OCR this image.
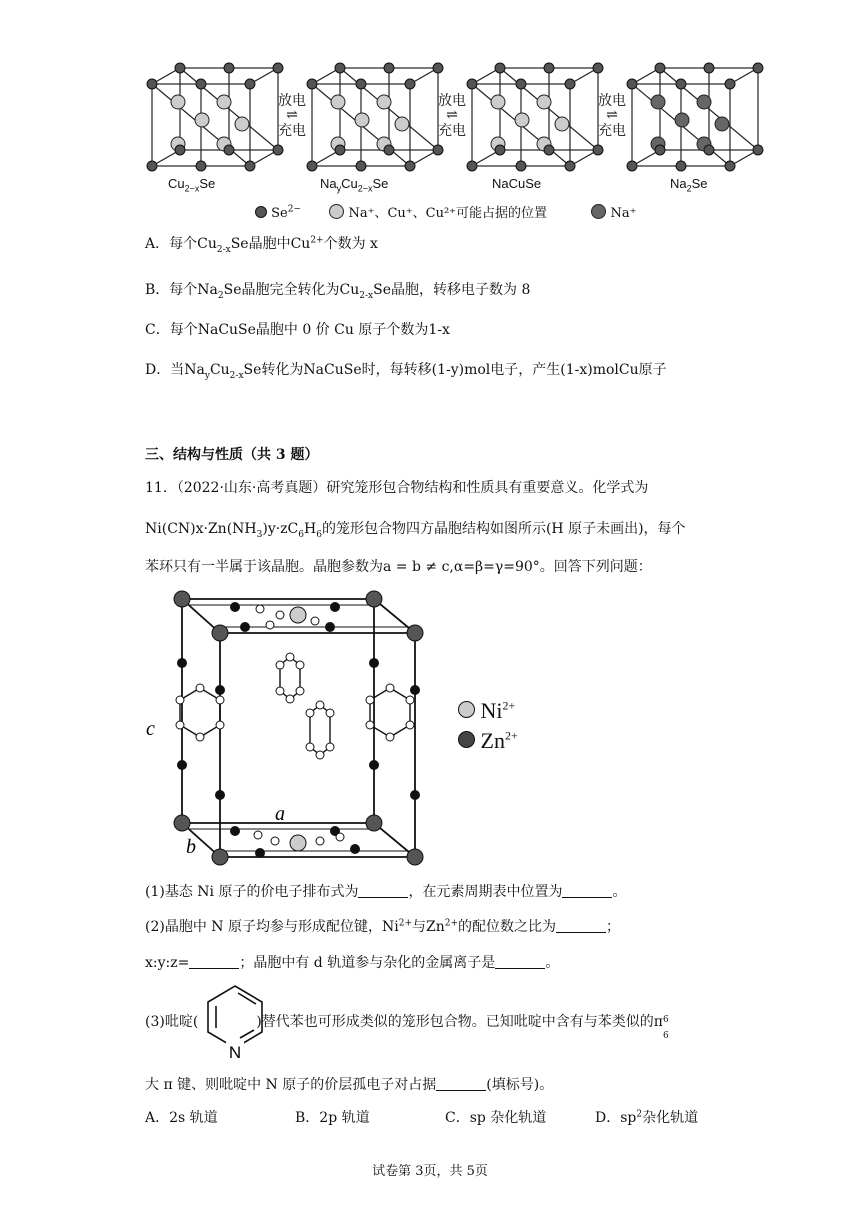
放电
⇌
充电
放电
⇌
充电
放电
⇌
充电
$Cu_{2-x}Se$	$Na_yCu_{2-x}Se$	NaCuSe	$Na_2Se$
$Se^{2-}$	Na⁺、Cu⁺、Cu²⁺可能占据的位置	Na⁺
A．每个$Cu_{2-x}Se$晶胞中$Cu^{2+}$个数为 x
B．每个$Na_2Se$晶胞完全转化为$Cu_{2-x}Se$晶胞，转移电子数为 8
C．每个NaCuSe晶胞中 0 价 Cu 原子个数为1-x
D．当$Na_yCu_{2-x}Se$转化为NaCuSe时，每转移(1-y)mol电子，产生(1-x)molCu原子
三、结构与性质（共 3 题）
11．（2022·山东·高考真题）研究笼形包合物结构和性质具有重要意义。化学式为
$Ni(CN)x\cdot Zn(NH_3)y\cdot zC_6H_6$的笼形包合物四方晶胞结构如图所示(H 原子未画出)，每个
苯环只有一半属于该晶胞。晶胞参数为a = b ≠ c,α=β=γ=90°。回答下列问题：
c
a
b
$Ni^{2+}$
$Zn^{2+}$
(1)基态 Ni 原子的价电子排布式为	，在元素周期表中位置为	。
(2)晶胞中 N 原子均参与形成配位键，$Ni^{2+}$与$Zn^{2+}$的配位数之比为	；
x:y:z=	；晶胞中有 d 轨道参与杂化的金属离子是	。
(3)吡啶(	)替代苯也可形成类似的笼形包合物。已知吡啶中含有与苯类似的π 6
6
N
大 π 键、则吡啶中 N 原子的价层孤电子对占据	(填标号)。
A．2s 轨道	B．2p 轨道	C．sp 杂化轨道	D．$sp^2$杂化轨道
试卷第 3页，共 5页
